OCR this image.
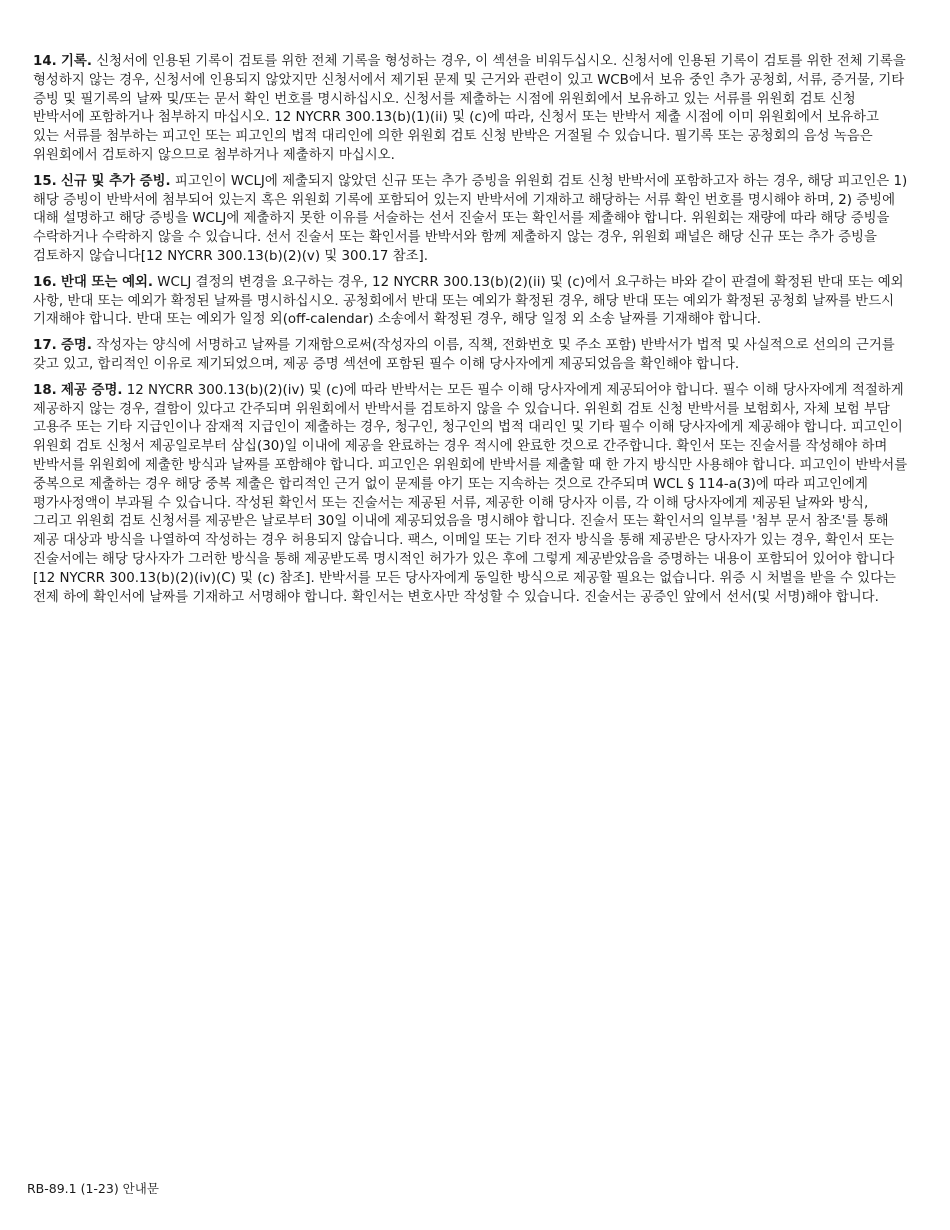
14. 기록. 신청서에 인용된 기록이 검토를 위한 전체 기록을 형성하는 경우, 이 섹션을 비워두십시오. 신청서에 인용된 기록이 검토를 위한 전체 기록을 형성하지 않는 경우, 신청서에 인용되지 않았지만 신청서에서 제기된 문제 및 근거와 관련이 있고 WCB에서 보유 중인 추가 공청회, 서류, 증거물, 기타 증빙 및 필기록의 날짜 및/또는 문서 확인 번호를 명시하십시오. 신청서를 제출하는 시점에 위원회에서 보유하고 있는 서류를 위원회 검토 신청 반박서에 포함하거나 첨부하지 마십시오. 12 NYCRR 300.13(b)(1)(ii) 및 (c)에 따라, 신청서 또는 반박서 제출 시점에 이미 위원회에서 보유하고 있는 서류를 첨부하는 피고인 또는 피고인의 법적 대리인에 의한 위원회 검토 신청 반박은 거절될 수 있습니다. 필기록 또는 공청회의 음성 녹음은 위원회에서 검토하지 않으므로 첨부하거나 제출하지 마십시오.

15. 신규 및 추가 증빙. 피고인이 WCLJ에 제출되지 않았던 신규 또는 추가 증빙을 위원회 검토 신청 반박서에 포함하고자 하는 경우, 해당 피고인은 1) 해당 증빙이 반박서에 첨부되어 있는지 혹은 위원회 기록에 포함되어 있는지 반박서에 기재하고 해당하는 서류 확인 번호를 명시해야 하며, 2) 증빙에 대해 설명하고 해당 증빙을 WCLJ에 제출하지 못한 이유를 서술하는 선서 진술서 또는 확인서를 제출해야 합니다. 위원회는 재량에 따라 해당 증빙을 수락하거나 수락하지 않을 수 있습니다. 선서 진술서 또는 확인서를 반박서와 함께 제출하지 않는 경우, 위원회 패널은 해당 신규 또는 추가 증빙을 검토하지 않습니다[12 NYCRR 300.13(b)(2)(v) 및 300.17 참조].

16. 반대 또는 예외. WCLJ 결정의 변경을 요구하는 경우, 12 NYCRR 300.13(b)(2)(ii) 및 (c)에서 요구하는 바와 같이 판결에 확정된 반대 또는 예외 사항, 반대 또는 예외가 확정된 날짜를 명시하십시오. 공청회에서 반대 또는 예외가 확정된 경우, 해당 반대 또는 예외가 확정된 공청회 날짜를 반드시 기재해야 합니다. 반대 또는 예외가 일정 외(off-calendar) 소송에서 확정된 경우, 해당 일정 외 소송 날짜를 기재해야 합니다.

17. 증명. 작성자는 양식에 서명하고 날짜를 기재함으로써(작성자의 이름, 직책, 전화번호 및 주소 포함) 반박서가 법적 및 사실적으로 선의의 근거를 갖고 있고, 합리적인 이유로 제기되었으며, 제공 증명 섹션에 포함된 필수 이해 당사자에게 제공되었음을 확인해야 합니다.

18. 제공 증명. 12 NYCRR 300.13(b)(2)(iv) 및 (c)에 따라 반박서는 모든 필수 이해 당사자에게 제공되어야 합니다. 필수 이해 당사자에게 적절하게 제공하지 않는 경우, 결함이 있다고 간주되며 위원회에서 반박서를 검토하지 않을 수 있습니다. 위원회 검토 신청 반박서를 보험회사, 자체 보험 부담 고용주 또는 기타 지급인이나 잠재적 지급인이 제출하는 경우, 청구인, 청구인의 법적 대리인 및 기타 필수 이해 당사자에게 제공해야 합니다. 피고인이 위원회 검토 신청서 제공일로부터 삼십(30)일 이내에 제공을 완료하는 경우 적시에 완료한 것으로 간주합니다. 확인서 또는 진술서를 작성해야 하며 반박서를 위원회에 제출한 방식과 날짜를 포함해야 합니다. 피고인은 위원회에 반박서를 제출할 때 한 가지 방식만 사용해야 합니다. 피고인이 반박서를 중복으로 제출하는 경우 해당 중복 제출은 합리적인 근거 없이 문제를 야기 또는 지속하는 것으로 간주되며 WCL § 114-a(3)에 따라 피고인에게 평가사정액이 부과될 수 있습니다. 작성된 확인서 또는 진술서는 제공된 서류, 제공한 이해 당사자 이름, 각 이해 당사자에게 제공된 날짜와 방식, 그리고 위원회 검토 신청서를 제공받은 날로부터 30일 이내에 제공되었음을 명시해야 합니다. 진술서 또는 확인서의 일부를 '첨부 문서 참조'를 통해 제공 대상과 방식을 나열하여 작성하는 경우 허용되지 않습니다. 팩스, 이메일 또는 기타 전자 방식을 통해 제공받은 당사자가 있는 경우, 확인서 또는 진술서에는 해당 당사자가 그러한 방식을 통해 제공받도록 명시적인 허가가 있은 후에 그렇게 제공받았음을 증명하는 내용이 포함되어 있어야 합니다[12 NYCRR 300.13(b)(2)(iv)(C) 및 (c) 참조]. 반박서를 모든 당사자에게 동일한 방식으로 제공할 필요는 없습니다. 위증 시 처벌을 받을 수 있다는 전제 하에 확인서에 날짜를 기재하고 서명해야 합니다. 확인서는 변호사만 작성할 수 있습니다. 진술서는 공증인 앞에서 선서(및 서명)해야 합니다.

RB-89.1 (1-23) 안내문
